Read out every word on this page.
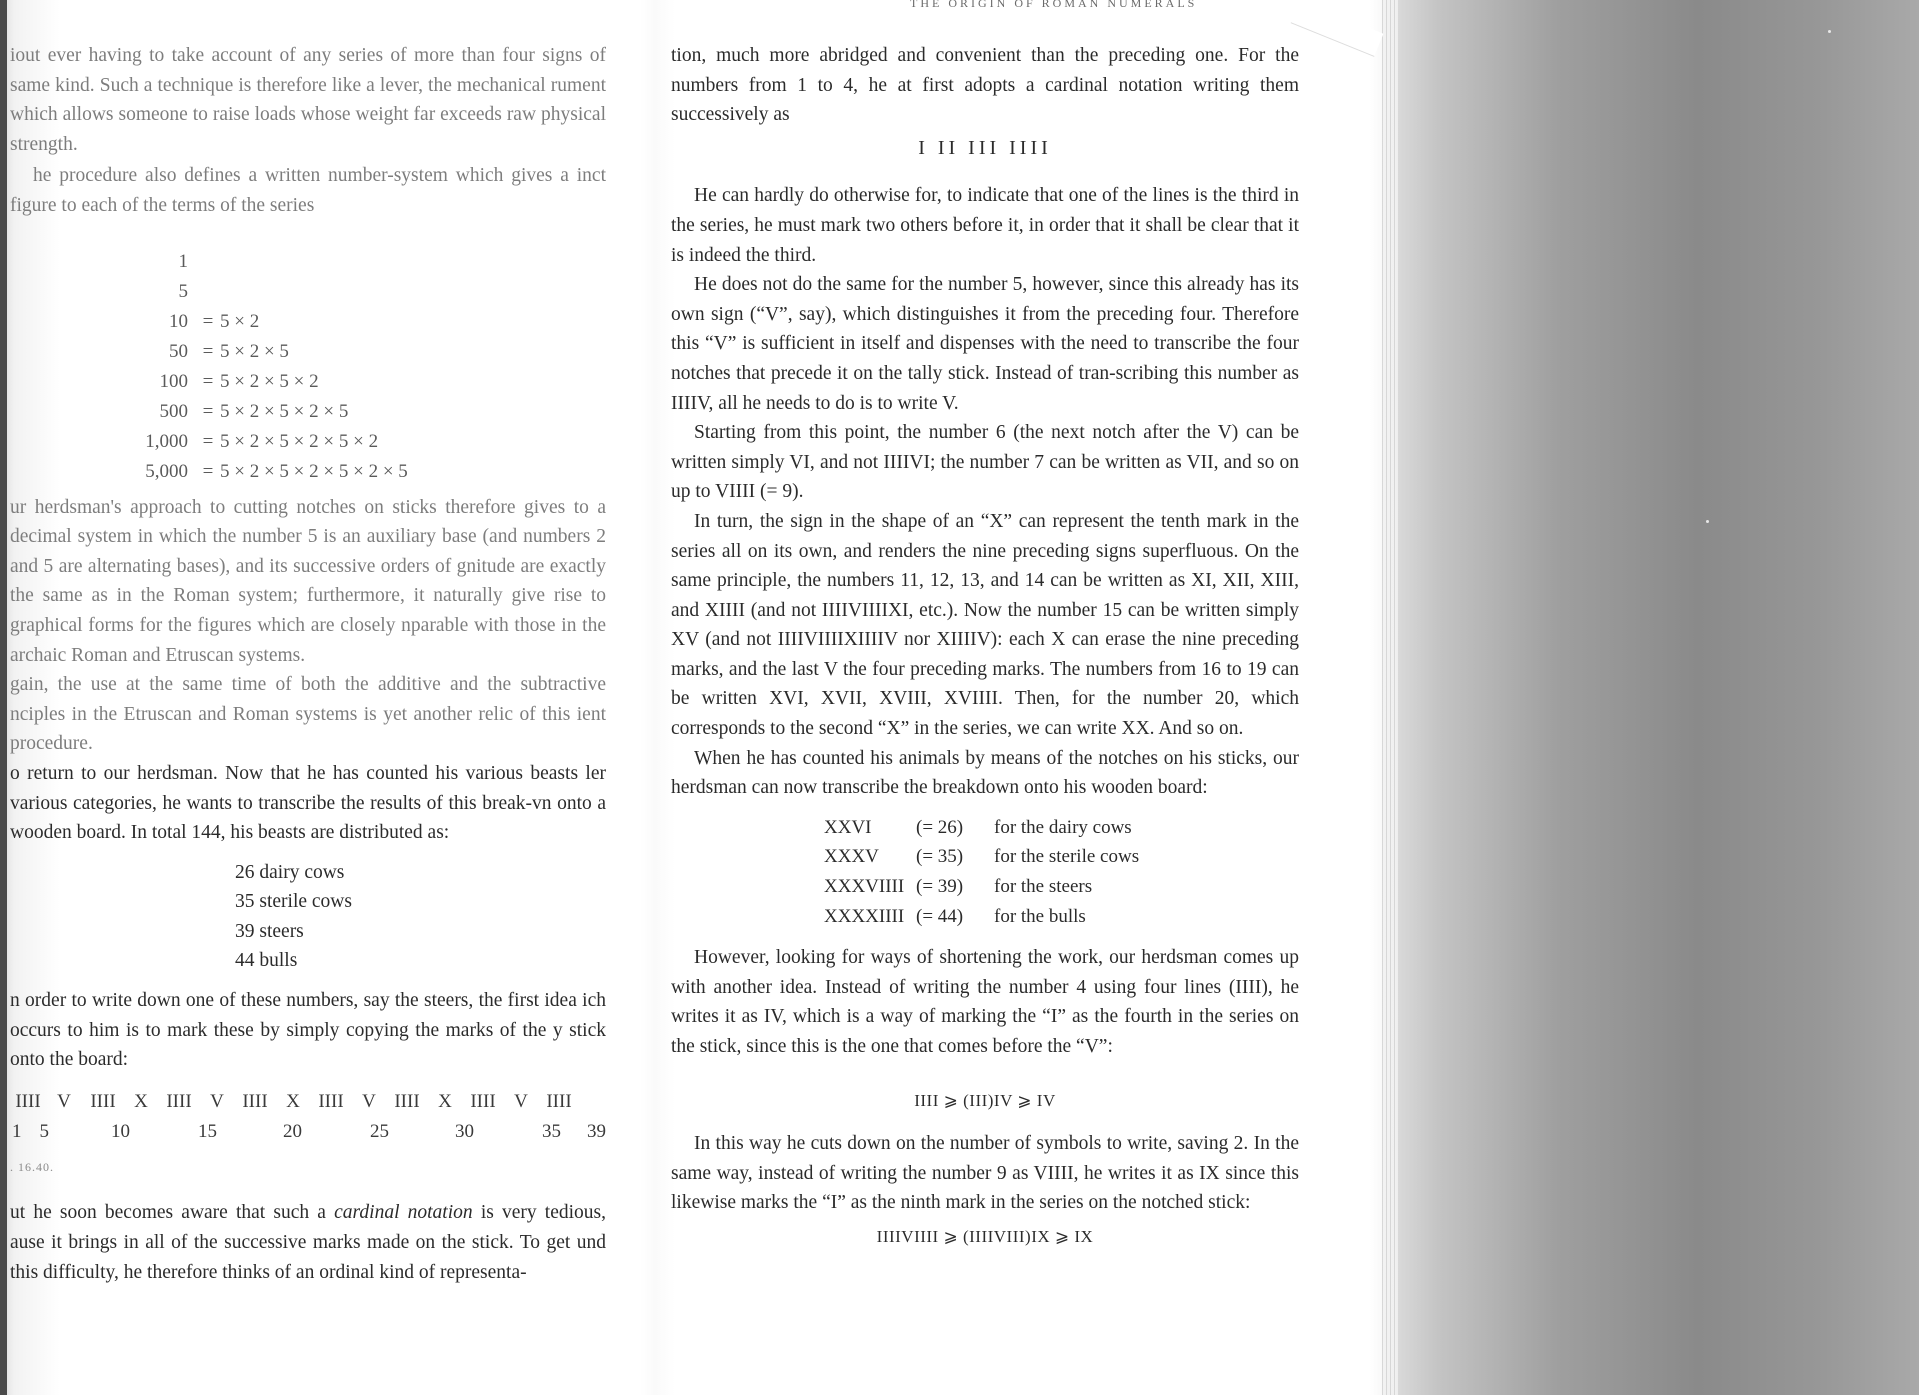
THE ORIGIN OF ROMAN NUMERALS

iout ever having to take account of any series of more than four signs of same kind. Such a technique is therefore like a lever, the mechanical rument which allows someone to raise loads whose weight far exceeds raw physical strength.

he procedure also defines a written number-system which gives a inct figure to each of the terms of the series

1		
5		
10	=	5 × 2
50	=	5 × 2 × 5
100	=	5 × 2 × 5 × 2
500	=	5 × 2 × 5 × 2 × 5
1,000	=	5 × 2 × 5 × 2 × 5 × 2
5,000	=	5 × 2 × 5 × 2 × 5 × 2 × 5

ur herdsman's approach to cutting notches on sticks therefore gives to a decimal system in which the number 5 is an auxiliary base (and numbers 2 and 5 are alternating bases), and its successive orders of gnitude are exactly the same as in the Roman system; furthermore, it naturally give rise to graphical forms for the figures which are closely nparable with those in the archaic Roman and Etruscan systems.

gain, the use at the same time of both the additive and the subtractive nciples in the Etruscan and Roman systems is yet another relic of this ient procedure.

o return to our herdsman. Now that he has counted his various beasts ler various categories, he wants to transcribe the results of this break-vn onto a wooden board. In total 144, his beasts are distributed as:

26 dairy cows
35 sterile cows
39 steers
44 bulls

n order to write down one of these numbers, say the steers, the first idea ich occurs to him is to mark these by simply copying the marks of the y stick onto the board:

IIII V	IIII X IIII V IIII X IIII V IIII X IIII V IIII
1 5	10	15	20	25	30	35 39
. 16.40.

ut he soon becomes aware that such a cardinal notation is very tedious, ause it brings in all of the successive marks made on the stick. To get und this difficulty, he therefore thinks of an ordinal kind of representa-

tion, much more abridged and convenient than the preceding one. For the numbers from 1 to 4, he at first adopts a cardinal notation writing them successively as

I II III IIII

He can hardly do otherwise for, to indicate that one of the lines is the third in the series, he must mark two others before it, in order that it shall be clear that it is indeed the third.

He does not do the same for the number 5, however, since this already has its own sign (“V”, say), which distinguishes it from the preceding four. Therefore this “V” is sufficient in itself and dispenses with the need to transcribe the four notches that precede it on the tally stick. Instead of tran-scribing this number as IIIIV, all he needs to do is to write V.

Starting from this point, the number 6 (the next notch after the V) can be written simply VI, and not IIIIVI; the number 7 can be written as VII, and so on up to VIIII (= 9).

In turn, the sign in the shape of an “X” can represent the tenth mark in the series all on its own, and renders the nine preceding signs superfluous. On the same principle, the numbers 11, 12, 13, and 14 can be written as XI, XII, XIII, and XIIII (and not IIIIVIIIIXI, etc.). Now the number 15 can be written simply XV (and not IIIIVIIIIXIIIIV nor XIIIIV): each X can erase the nine preceding marks, and the last V the four preceding marks. The numbers from 16 to 19 can be written XVI, XVII, XVIII, XVIIII. Then, for the number 20, which corresponds to the second “X” in the series, we can write XX. And so on.

When he has counted his animals by means of the notches on his sticks, our herdsman can now transcribe the breakdown onto his wooden board:

XXVI	(= 26)	for the dairy cows
XXXV	(= 35)	for the sterile cows
XXXVIIII	(= 39)	for the steers
XXXXIIII	(= 44)	for the bulls

However, looking for ways of shortening the work, our herdsman comes up with another idea. Instead of writing the number 4 using four lines (IIII), he writes it as IV, which is a way of marking the “I” as the fourth in the series on the stick, since this is the one that comes before the “V”:

IIII ⩾ (III)IV ⩾ IV

In this way he cuts down on the number of symbols to write, saving 2. In the same way, instead of writing the number 9 as VIIII, he writes it as IX since this likewise marks the “I” as the ninth mark in the series on the notched stick:

IIIIVIIII ⩾ (IIIIVIII)IX ⩾ IX
